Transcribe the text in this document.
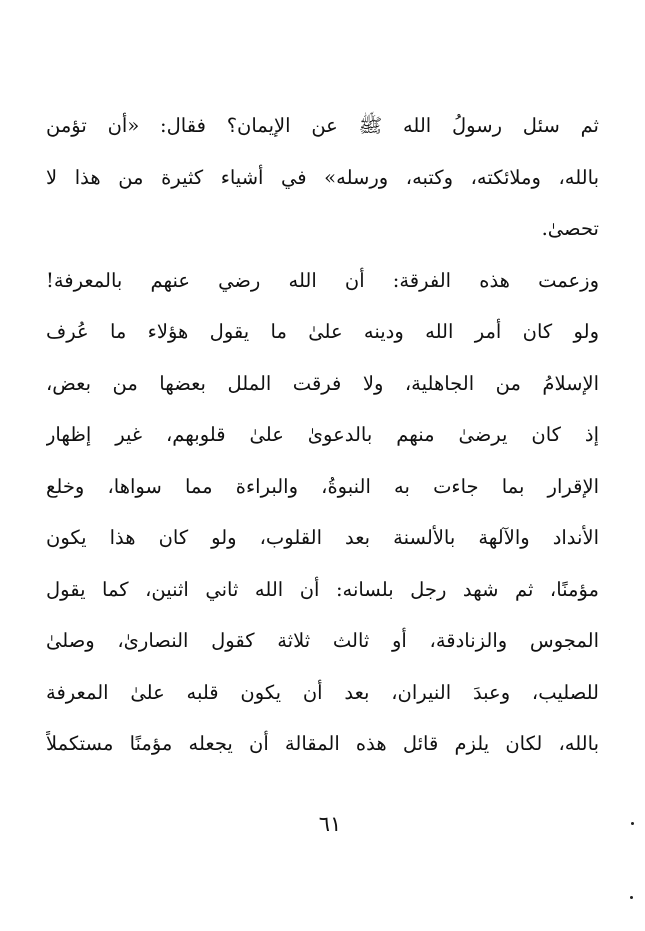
ثم سئل رسولُ الله ﷺ عن الإيمان؟ فقال: «أن تؤمن
بالله، وملائكته، وكتبه، ورسله» في أشياء كثيرة من هذا لا
تحصىٰ.
وزعمت هذه الفرقة: أن الله رضي عنهم بالمعرفة!
ولو كان أمر الله ودينه علىٰ ما يقول هؤلاء ما عُرف
الإسلامُ من الجاهلية، ولا فرقت الملل بعضها من بعض،
إذ كان يرضىٰ منهم بالدعوىٰ علىٰ قلوبهم، غير إظهار
الإقرار بما جاءت به النبوةُ، والبراءة مما سواها، وخلع
الأنداد والآلهة بالألسنة بعد القلوب، ولو كان هذا يكون
مؤمنًا، ثم شهد رجل بلسانه: أن الله ثاني اثنين، كما يقول
المجوس والزنادقة، أو ثالث ثلاثة كقول النصارىٰ، وصلىٰ
للصليب، وعبدَ النيران، بعد أن يكون قلبه علىٰ المعرفة
بالله، لكان يلزم قائل هذه المقالة أن يجعله مؤمنًا مستكملاً
٦١
